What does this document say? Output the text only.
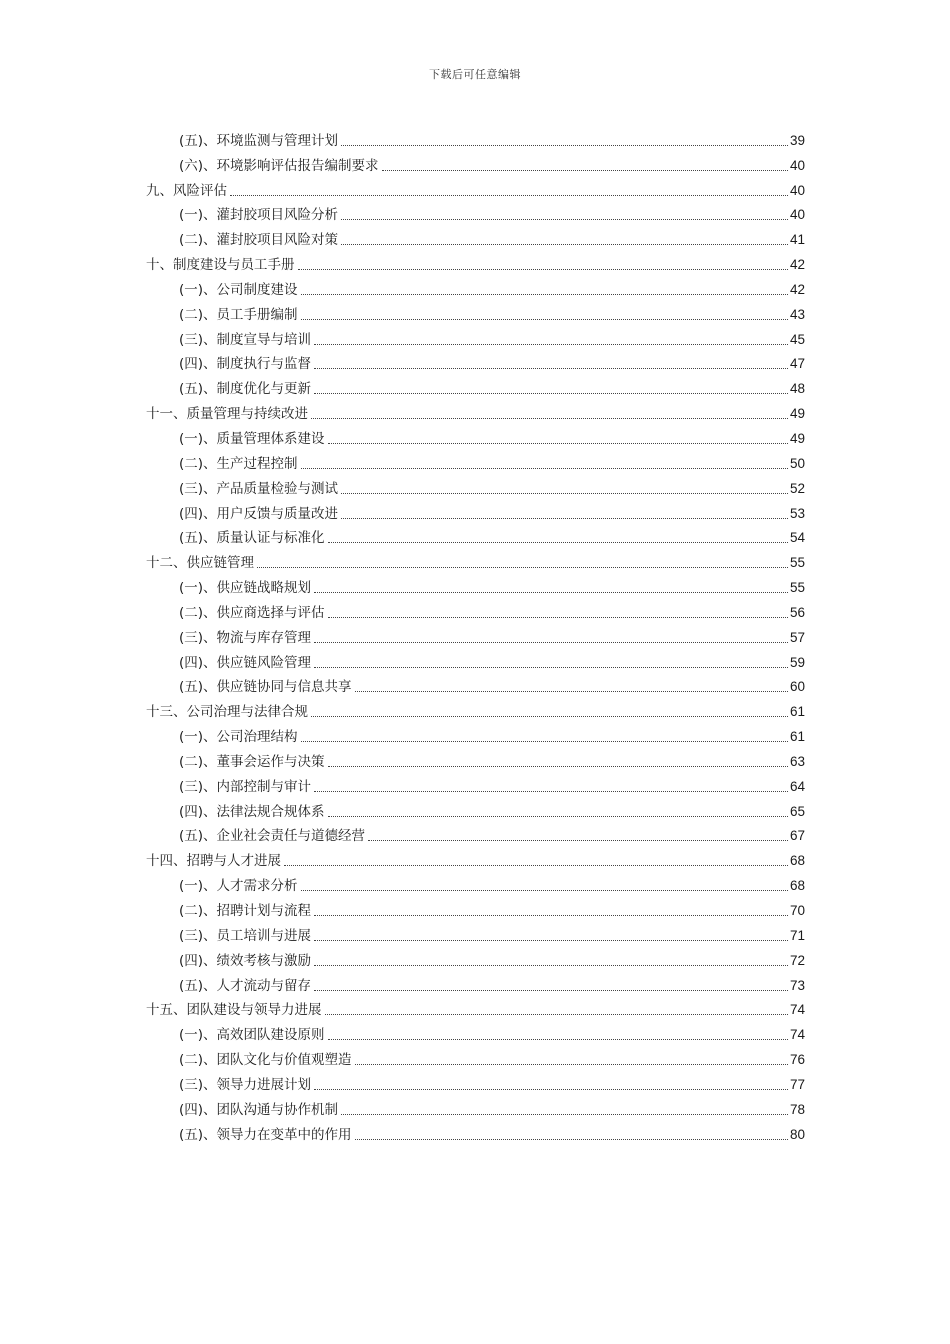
下载后可任意编辑
(五)、环境监测与管理计划	39
(六)、环境影响评估报告编制要求	40
九、风险评估	40
(一)、灌封胶项目风险分析	40
(二)、灌封胶项目风险对策	41
十、制度建设与员工手册	42
(一)、公司制度建设	42
(二)、员工手册编制	43
(三)、制度宣导与培训	45
(四)、制度执行与监督	47
(五)、制度优化与更新	48
十一、质量管理与持续改进	49
(一)、质量管理体系建设	49
(二)、生产过程控制	50
(三)、产品质量检验与测试	52
(四)、用户反馈与质量改进	53
(五)、质量认证与标准化	54
十二、供应链管理	55
(一)、供应链战略规划	55
(二)、供应商选择与评估	56
(三)、物流与库存管理	57
(四)、供应链风险管理	59
(五)、供应链协同与信息共享	60
十三、公司治理与法律合规	61
(一)、公司治理结构	61
(二)、董事会运作与决策	63
(三)、内部控制与审计	64
(四)、法律法规合规体系	65
(五)、企业社会责任与道德经营	67
十四、招聘与人才进展	68
(一)、人才需求分析	68
(二)、招聘计划与流程	70
(三)、员工培训与进展	71
(四)、绩效考核与激励	72
(五)、人才流动与留存	73
十五、团队建设与领导力进展	74
(一)、高效团队建设原则	74
(二)、团队文化与价值观塑造	76
(三)、领导力进展计划	77
(四)、团队沟通与协作机制	78
(五)、领导力在变革中的作用	80
